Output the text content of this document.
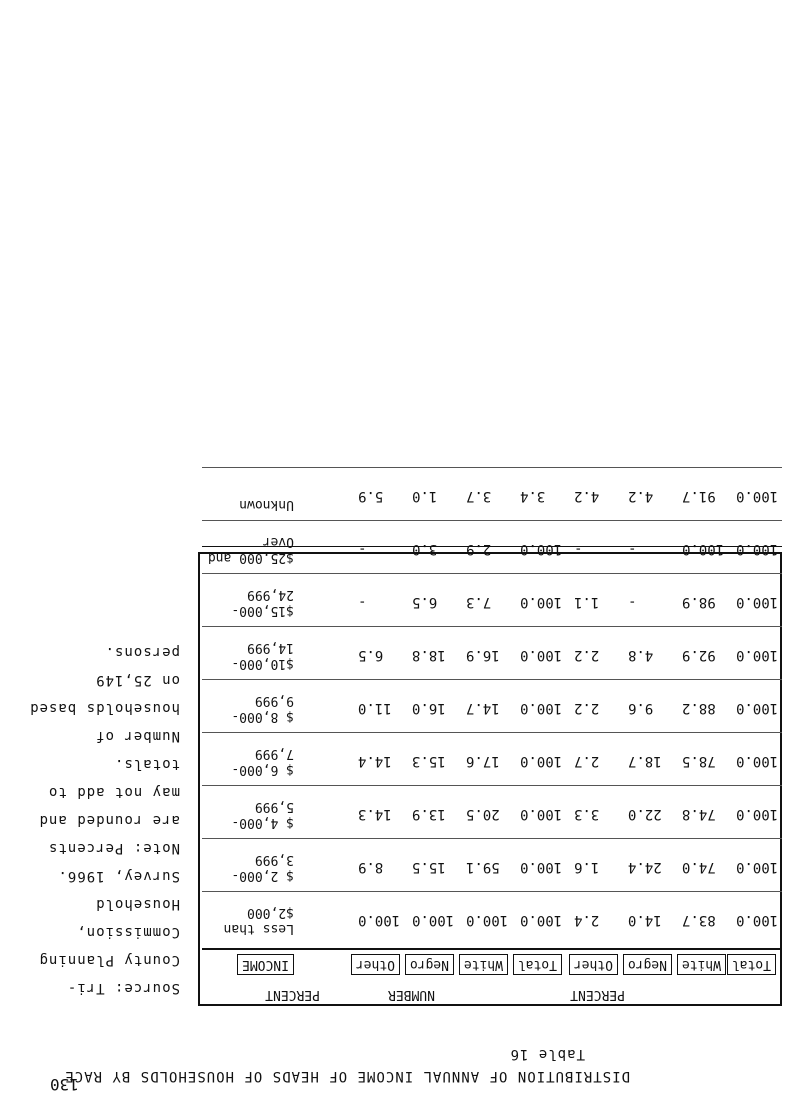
DISTRIBUTION OF ANNUAL INCOME OF HEADS OF HOUSEHOLDS BY RACE
Table 16
PERCENT
NUMBER
PERCENT
Total
White
Negro
Other
Total
White
Negro
Other
INCOME
100.0
83.7
14.0
2.4
100.0
100.0
100.0
100.0
Less than $2,000
100.0
74.0
24.4
1.6
100.0
59.1
15.5
8.9
$ 2,000-3,999
100.0
74.8
22.0
3.3
100.0
20.5
13.9
14.3
$ 4,000-5,999
100.0
78.5
18.7
2.7
100.0
17.6
15.3
14.4
$ 6,000-7,999
100.0
88.2
9.6
2.2
100.0
14.7
16.0
11.0
$ 8,000-9,999
100.0
92.9
4.8
2.2
100.0
16.9
18.8
6.5
$10,000-14,999
100.0
98.9
-
1.1
100.0
7.3
6.5
-
$15,000-24,999
100.0
100.0
-
-
100.0
2.9
3.0
-
$25,000 and Over
100.0
91.7
4.2
4.2
3.4
3.7
1.0
5.9
Unknown
Source: Tri-County Planning Commission, Household Survey, 1966.
Note: Percents are rounded and may not add to totals.
Number of households based on 25,149 persons.
130
